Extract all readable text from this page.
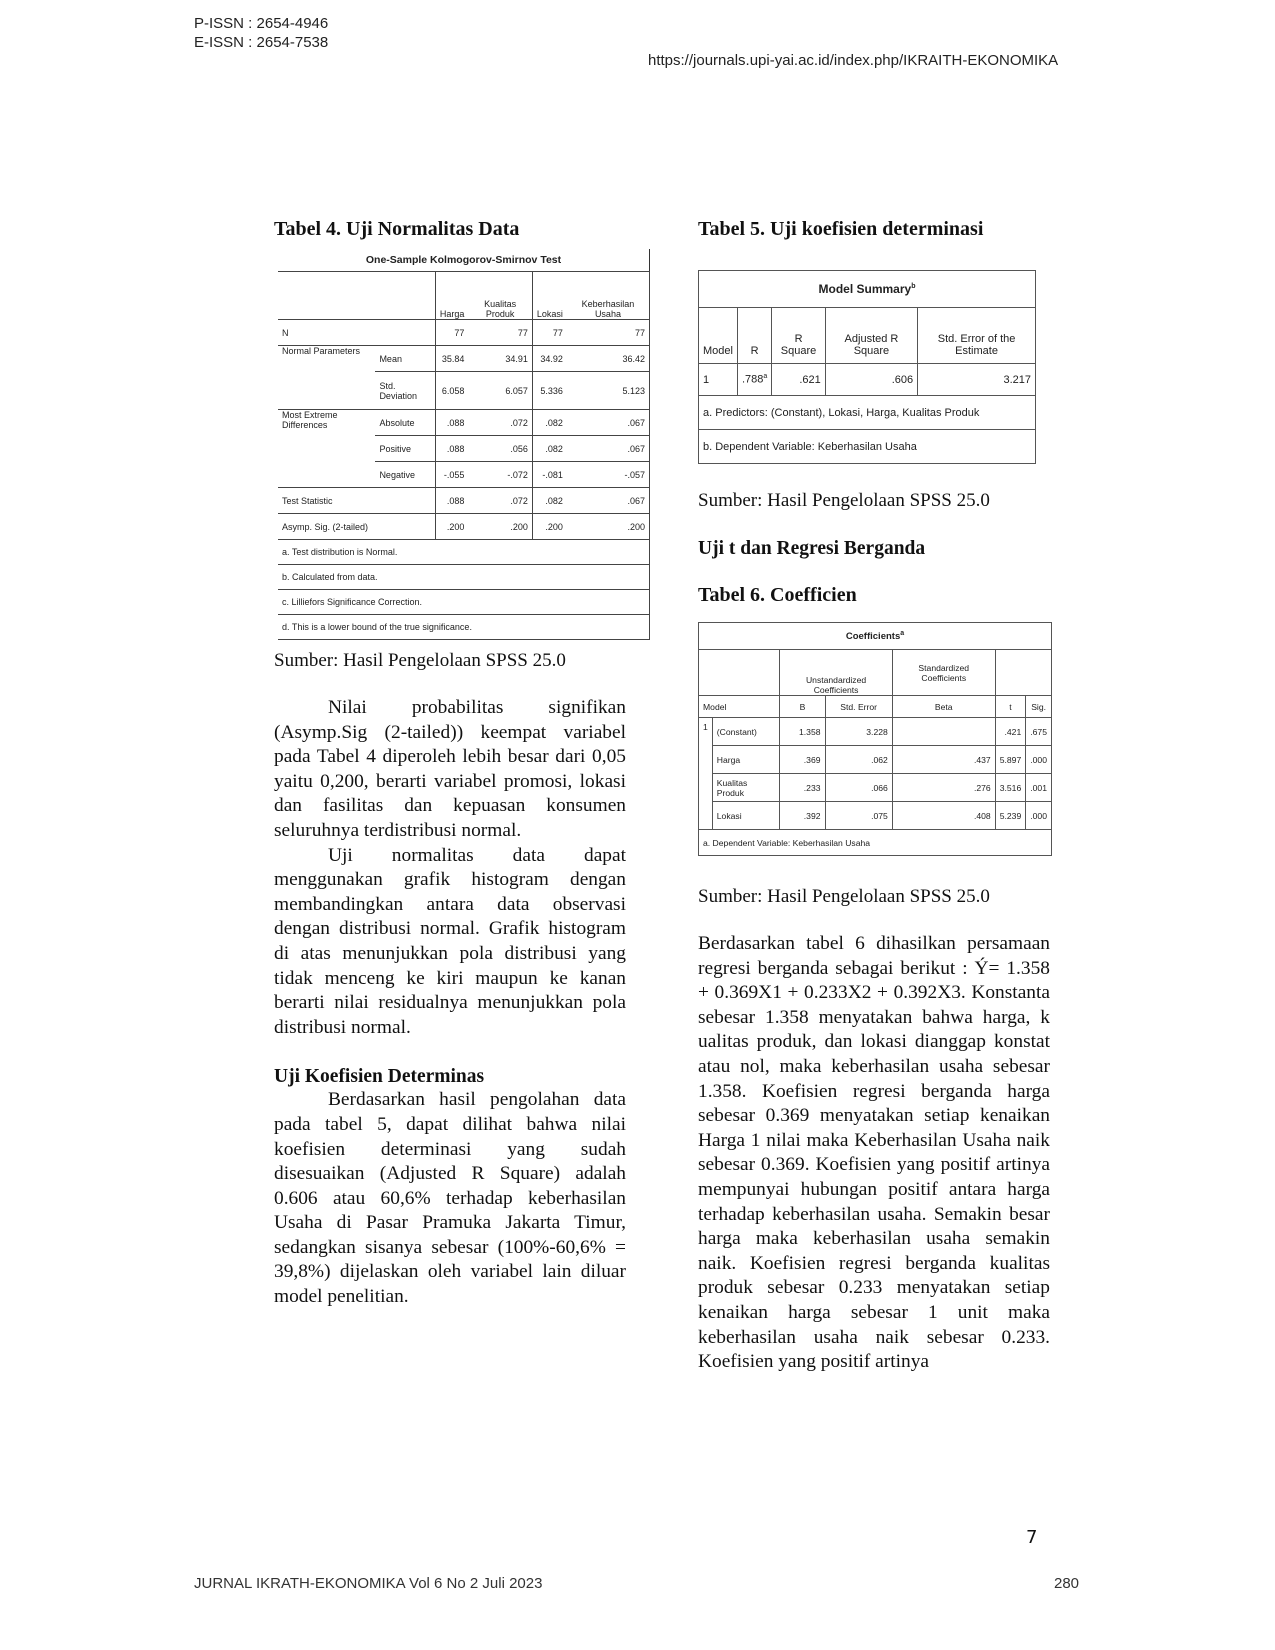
P-ISSN : 2654-4946
E-ISSN : 2654-7538
https://journals.upi-yai.ac.id/index.php/IKRAITH-EKONOMIKA

Tabel 4. Uji Normalitas Data

One-Sample Kolmogorov-Smirnov Test					
		Harga	Kualitas Produk	Lokasi	Keberhasilan Usaha
N		77	77	77	77
Normal Parameters	Mean	35.84	34.91	34.92	36.42
	Std. Deviation	6.058	6.057	5.336	5.123
Most Extreme Differences	Absolute	.088	.072	.082	.067
	Positive	.088	.056	.082	.067
	Negative	-.055	-.072	-.081	-.057
Test Statistic		.088	.072	.082	.067
Asymp. Sig. (2-tailed)		.200	.200	.200	.200
a. Test distribution is Normal.					
b. Calculated from data.					
c. Lilliefors Significance Correction.					
d. This is a lower bound of the true significance.					

Sumber: Hasil Pengelolaan SPSS 25.0

Nilai probabilitas signifikan (Asymp.Sig (2-tailed)) keempat variabel pada Tabel 4 diperoleh lebih besar dari 0,05 yaitu 0,200, berarti variabel promosi, lokasi dan fasilitas dan kepuasan konsumen seluruhnya terdistribusi normal.

Uji normalitas data dapat menggunakan grafik histogram dengan membandingkan antara data observasi dengan distribusi normal. Grafik histogram di atas menunjukkan pola distribusi yang tidak menceng ke kiri maupun ke kanan berarti nilai residualnya menunjukkan pola distribusi normal.

Uji Koefisien Determinas

Berdasarkan hasil pengolahan data pada tabel 5, dapat dilihat bahwa nilai koefisien determinasi yang sudah disesuaikan (Adjusted R Square) adalah 0.606 atau 60,6% terhadap keberhasilan Usaha di Pasar Pramuka Jakarta Timur, sedangkan sisanya sebesar (100%-60,6% = 39,8%) dijelaskan oleh variabel lain diluar model penelitian.

Tabel 5. Uji koefisien determinasi

Model Summary$^b$
Model	R	R Square	Adjusted R Square	Std. Error of the Estimate
1	.788$^a$	.621	.606	3.217
a. Predictors: (Constant), Lokasi, Harga, Kualitas Produk				
b. Dependent Variable: Keberhasilan Usaha				

Sumber: Hasil Pengelolaan SPSS 25.0

Uji t dan Regresi Berganda

Tabel 6. Coefficien

Coefficients$^a$
		Unstandardized Coefficients		Standardized Coefficients		
Model		B	Std. Error	Beta	t	Sig.
1	(Constant)	1.358	3.228		.421	.675
	Harga	.369	.062	.437	5.897	.000
	Kualitas Produk	.233	.066	.276	3.516	.001
	Lokasi	.392	.075	.408	5.239	.000
a. Dependent Variable: Keberhasilan Usaha						

Sumber: Hasil Pengelolaan SPSS 25.0

Berdasarkan tabel 6 dihasilkan persamaan regresi berganda sebagai berikut : Ý= 1.358 + 0.369X1 + 0.233X2 + 0.392X3. Konstanta sebesar 1.358 menyatakan bahwa harga, k ualitas produk, dan lokasi dianggap konstat atau nol, maka keberhasilan usaha sebesar 1.358. Koefisien regresi berganda harga sebesar 0.369 menyatakan setiap kenaikan Harga 1 nilai maka Keberhasilan Usaha naik sebesar 0.369. Koefisien yang positif artinya mempunyai hubungan positif antara harga terhadap keberhasilan usaha. Semakin besar harga maka keberhasilan usaha semakin naik. Koefisien regresi berganda kualitas produk sebesar 0.233 menyatakan setiap kenaikan harga sebesar 1 unit maka keberhasilan usaha naik sebesar 0.233. Koefisien yang positif artinya

7
JURNAL IKRATH-EKONOMIKA Vol 6 No 2 Juli 2023	280
